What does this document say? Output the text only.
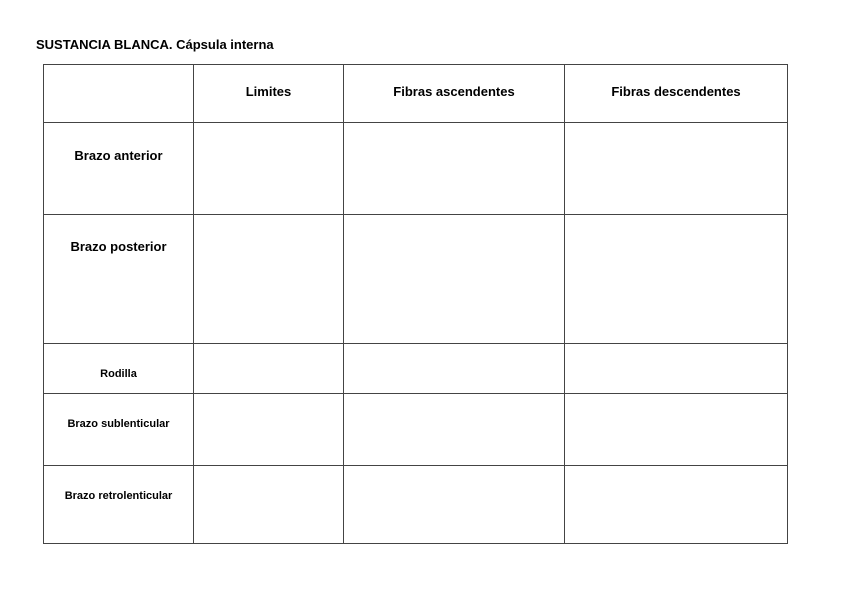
SUSTANCIA BLANCA. Cápsula interna

	Limites	Fibras ascendentes	Fibras descendentes

Brazo anterior			

Brazo posterior			

Rodilla			

Brazo sublenticular			

Brazo retrolenticular			
